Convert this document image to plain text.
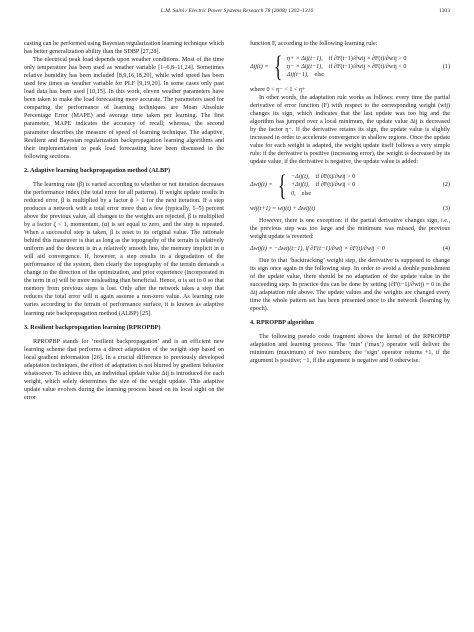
L.M. Saini / Electric Power Systems Research 78 (2008) 1302–1310	1303

casting can be performed using Bayesian regularization learning technique which has better generalization ability than the SDBP [27,28].

The electrical peak load depends upon weather conditions. Most of the time only temperature has been used as weather variable [1–6,8–11,24]. Sometimes relative humidity has been included [8,9,16,18,20], while wind speed has been used few times as weather variable for PLF [9,19,20]. In some cases only past load data has been used [10,15]. In this work, eleven weather parameters have been taken to make the load forecasting more accurate. The parameters used for comparing the performance of learning techniques are Mean Absolute Percentage Error (MAPE) and average time taken per learning. The first parameter, MAPE indicates the accuracy of recall; whereas, the second parameter describes the measure of speed of learning technique. The adaptive, Resilient and Bayesian regularization backpropagation learning algorithms and their implementation to peak load forecasting have been discussed in the following sections.

2. Adaptive learning backpropagation method (ALBP)

The learning rate (β) is varied according to whether or not iteration decreases the performance index (the total error for all patterns). If weight update results in reduced error, β is multiplied by a factor ϕ > 1 for the next iteration. If a step produces a network with a total error more than a few (typically, 1–5) percent above the previous value, all changes to the weights are rejected, β is multiplied by a factor ζ < 1, momentum, (α) is set equal to zero, and the step is repeated. When a successful step is taken, β is reset to its original value. The rationale behind this maneuver is that as long as the topography of the terrain is relatively uniform and the descent is in a relatively smooth line, the memory implicit in α will aid convergence. If, however, a step results in a degradation of the performance of the system, then clearly the topography of the terrain demands a change in the direction of the optimization, and prior experience (incorporated in the term in α) will be more misleading than beneficial. Hence, α is set to 0 so that memory from previous steps is lost. Only after the network takes a step that reduces the total error will α again assume a non-zero value. As learning rate varies according to the terrain of performance surface, it is known as adaptive learning rate backpropagation method (ALBP) [25].

3. Resilient backpropagation learning (RPROPBP)

RPROPBP stands for ‘resilient backpropagation’ and is an efficient new learning scheme that performs a direct adaptation of the weight step based on local gradient information [26]. In a crucial difference to previously developed adaptation techniques, the effort of adaptation is not blurred by gradient behavior whatsoever. To achieve this, an individual update value Δij is introduced for each weight, which solely determines the size of the weight update. This adaptive update value evolves during the learning process based on its local sight on the error

function F, according to the following learning rule:

Δij(t) = { η+ × Δij(t−1), if ∂F(t−1)/∂wij × ∂F(t)/∂wij > 0
η− × Δij(t−1), if ∂F(t−1)/∂wij × ∂F(t)/∂wij < 0
Δij(t−1), else
(1)

where 0 < η− < 1 < η+

In other words, the adaptation rule works as follows: every time the partial derivative of error function (F) with respect to the corresponding weight (wij) changes its sign, which indicates that the last update was too big and the algorithm has jumped over a local minimum, the update value Δij is decreased by the factor η−. If the derivative retains its sign, the update value is slightly increased in order to accelerate convergence in shallow regions. Once the update value for each weight is adapted, the weight update itself follows a very simple rule: if the derivative is positive (increasing error), the weight is decreased by its update value, if the derivative is negative, the update value is added:

Δwij(t) = { −Δij(t), if ∂F(t)/∂wij > 0
+Δij(t), if ∂F(t)/∂wij < 0
0, else
(2)
wij(t+1) = wij(t) + Δwij(t)	(3)

However, there is one exception: if the partial derivative changes sign, i.e., the previous step was too large and the minimum was missed, the previous weight update is reverted:

Δwij(t) = −Δwij(t−1), if ∂F(t−1)/∂wij × ∂F(t)/∂wij < 0	(4)

Due to that ‘backtracking’ weight step, the derivative is supposed to change its sign once again in the following step. In order to avoid a double punishment of the update value, there should be no adaptation of the update value in the succeeding step. In practice this can be done by setting (∂F(t−1)/∂wij) = 0 in the Δij adaptation rule above. The update values and the weights are changed every time the whole pattern set has been presented once to the network (learning by epoch).

4. RPROPBP algorithm

The following pseudo code fragment shows the kernel of the RPROPBP adaptation and learning process. The ‘min’ (‘max’) operator will deliver the minimum (maximum) of two numbers; the ‘sign’ operator returns +1, if the argument is positive; −1, if the argument is negative and 0 otherwise.
